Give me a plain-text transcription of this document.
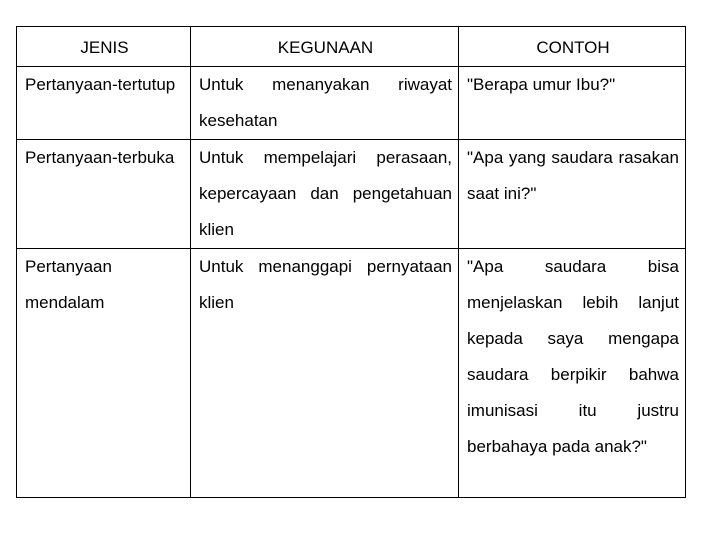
JENIS	KEGUNAAN	CONTOH

Pertanyaan-tertutup	Untuk menanyakan riwayat kesehatan	"Berapa umur Ibu?"

Pertanyaan-terbuka	Untuk mempelajari perasaan, kepercayaan dan pengetahuan klien	"Apa yang saudara rasakan saat ini?"

Pertanyaan mendalam	Untuk menanggapi pernyataan klien	"Apa saudara bisa menjelaskan lebih lanjut kepada saya mengapa saudara berpikir bahwa imunisasi itu justru berbahaya pada anak?"
